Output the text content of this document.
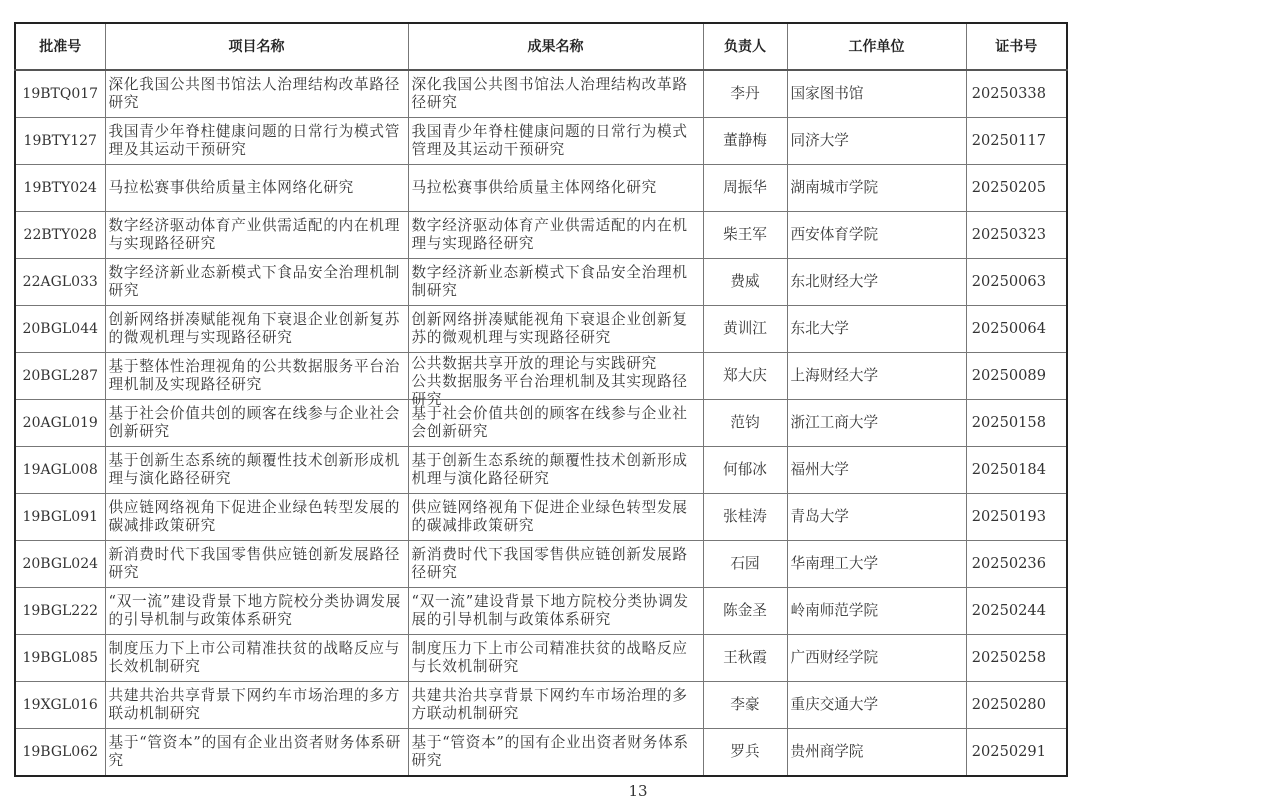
批准号	项目名称	成果名称	负责人	工作单位	证书号
19BTQ017	深化我国公共图书馆法人治理结构改革路径研究	深化我国公共图书馆法人治理结构改革路径研究	李丹	国家图书馆	20250338
19BTY127	我国青少年脊柱健康问题的日常行为模式管理及其运动干预研究	我国青少年脊柱健康问题的日常行为模式管理及其运动干预研究	董静梅	同济大学	20250117
19BTY024	马拉松赛事供给质量主体网络化研究	马拉松赛事供给质量主体网络化研究	周振华	湖南城市学院	20250205
22BTY028	数字经济驱动体育产业供需适配的内在机理与实现路径研究	数字经济驱动体育产业供需适配的内在机理与实现路径研究	柴王军	西安体育学院	20250323
22AGL033	数字经济新业态新模式下食品安全治理机制研究	数字经济新业态新模式下食品安全治理机制研究	费威	东北财经大学	20250063
20BGL044	创新网络拼凑赋能视角下衰退企业创新复苏的微观机理与实现路径研究	创新网络拼凑赋能视角下衰退企业创新复苏的微观机理与实现路径研究	黄训江	东北大学	20250064
20BGL287	基于整体性治理视角的公共数据服务平台治理机制及实现路径研究	公共数据共享开放的理论与实践研究
公共数据服务平台治理机制及其实现路径研究	郑大庆	上海财经大学	20250089
20AGL019	基于社会价值共创的顾客在线参与企业社会创新研究	基于社会价值共创的顾客在线参与企业社会创新研究	范钧	浙江工商大学	20250158
19AGL008	基于创新生态系统的颠覆性技术创新形成机理与演化路径研究	基于创新生态系统的颠覆性技术创新形成机理与演化路径研究	何郁冰	福州大学	20250184
19BGL091	供应链网络视角下促进企业绿色转型发展的碳减排政策研究	供应链网络视角下促进企业绿色转型发展的碳减排政策研究	张桂涛	青岛大学	20250193
20BGL024	新消费时代下我国零售供应链创新发展路径研究	新消费时代下我国零售供应链创新发展路径研究	石园	华南理工大学	20250236
19BGL222	“双一流”建设背景下地方院校分类协调发展的引导机制与政策体系研究	“双一流”建设背景下地方院校分类协调发展的引导机制与政策体系研究	陈金圣	岭南师范学院	20250244
19BGL085	制度压力下上市公司精准扶贫的战略反应与长效机制研究	制度压力下上市公司精准扶贫的战略反应与长效机制研究	王秋霞	广西财经学院	20250258
19XGL016	共建共治共享背景下网约车市场治理的多方联动机制研究	共建共治共享背景下网约车市场治理的多方联动机制研究	李豪	重庆交通大学	20250280
19BGL062	基于“管资本”的国有企业出资者财务体系研究	基于“管资本”的国有企业出资者财务体系研究	罗兵	贵州商学院	20250291
13
